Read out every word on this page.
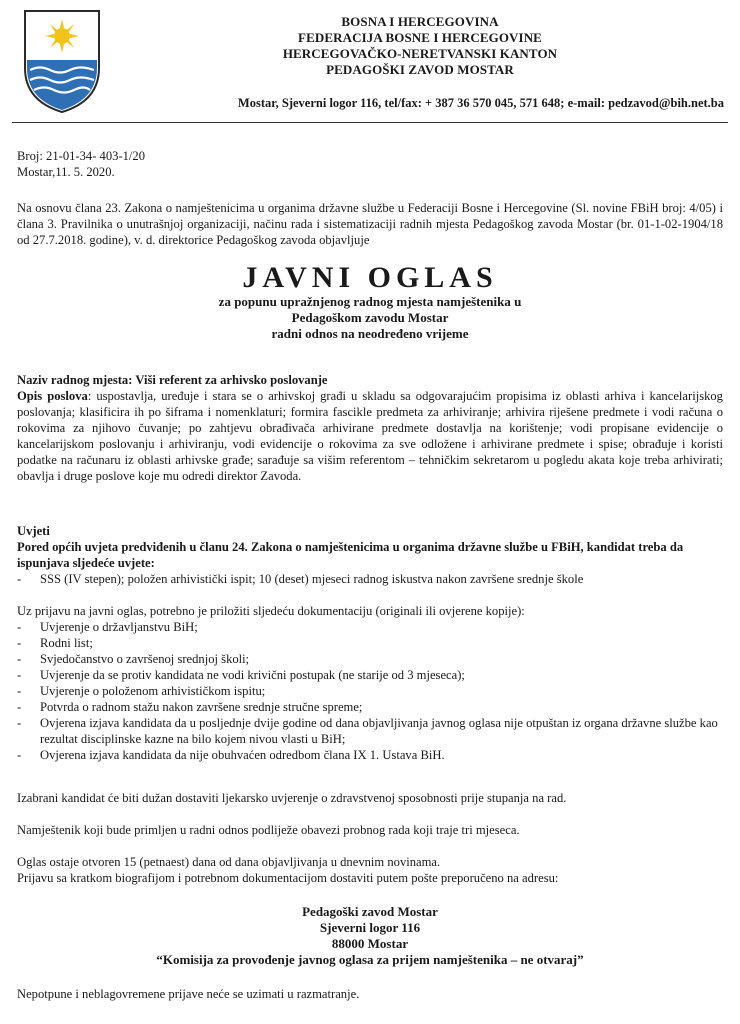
BOSNA I HERCEGOVINA
FEDERACIJA BOSNE I HERCEGOVINE
HERCEGOVAČKO-NERETVANSKI KANTON
PEDAGOŠKI ZAVOD MOSTAR
Mostar, Sjeverni logor 116, tel/fax: + 387 36 570 045, 571 648; e-mail: pedzavod@bih.net.ba
Broj: 21-01-34- 403-1/20
Mostar,11. 5. 2020.
Na osnovu člana 23. Zakona o namještenicima u organima državne službe u Federaciji Bosne i Hercegovine (Sl. novine FBiH broj: 4/05) i člana 3. Pravilnika o unutrašnjoj organizaciji, načinu rada i sistematizaciji radnih mjesta Pedagoškog zavoda Mostar (br. 01-1-02-1904/18 od 27.7.2018. godine), v. d. direktorice Pedagoškog zavoda objavljuje
JAVNI OGLAS
za popunu upražnjenog radnog mjesta namještenika u
Pedagoškom zavodu Mostar
radni odnos na neodređeno vrijeme
Naziv radnog mjesta: Viši referent za arhivsko poslovanje
Opis poslova: uspostavlja, uređuje i stara se o arhivskoj građi u skladu sa odgovarajućim propisima iz oblasti arhiva i kancelarijskog poslovanja; klasificira ih po šiframa i nomenklaturi; formira fascikle predmeta za arhiviranje; arhivira riješene predmete i vodi računa o rokovima za njihovo čuvanje; po zahtjevu obrađivača arhivirane predmete dostavlja na korištenje; vodi propisane evidencije o kancelarijskom poslovanju i arhiviranju, vodi evidencije o rokovima za sve odložene i arhivirane predmete i spise; obrađuje i koristi podatke na računaru iz oblasti arhivske građe; sarađuje sa višim referentom – tehničkim sekretarom u pogledu akata koje treba arhivirati; obavlja i druge poslove koje mu odredi direktor Zavoda.
Uvjeti
Pored općih uvjeta predviđenih u članu 24. Zakona o namještenicima u organima državne službe u FBiH, kandidat treba da ispunjava sljedeće uvjete:
- SSS (IV stepen); položen arhivistički ispit; 10 (deset) mjeseci radnog iskustva nakon završene srednje škole
Uz prijavu na javni oglas, potrebno je priložiti sljedeću dokumentaciju (originali ili ovjerene kopije):
- Uvjerenje o državljanstvu BiH;
- Rodni list;
- Svjedočanstvo o završenoj srednjoj školi;
- Uvjerenje da se protiv kandidata ne vodi krivični postupak (ne starije od 3 mjeseca);
- Uvjerenje o položenom arhivističkom ispitu;
- Potvrda o radnom stažu nakon završene srednje stručne spreme;
- Ovjerena izjava kandidata da u posljednje dvije godine od dana objavljivanja javnog oglasa nije otpuštan iz organa državne službe kao rezultat disciplinske kazne na bilo kojem nivou vlasti u BiH;
- Ovjerena izjava kandidata da nije obuhvaćen odredbom člana IX 1. Ustava BiH.
Izabrani kandidat će biti dužan dostaviti ljekarsko uvjerenje o zdravstvenoj sposobnosti prije stupanja na rad.
Namještenik koji bude primljen u radni odnos podliježe obavezi probnog rada koji traje tri mjeseca.
Oglas ostaje otvoren 15 (petnaest) dana od dana objavljivanja u dnevnim novinama.
Prijavu sa kratkom biografijom i potrebnom dokumentacijom dostaviti putem pošte preporučeno na adresu:
Pedagoški zavod Mostar
Sjeverni logor 116
88000 Mostar
“Komisija za provođenje javnog oglasa za prijem namještenika – ne otvaraj”
Nepotpune i neblagovremene prijave neće se uzimati u razmatranje.
